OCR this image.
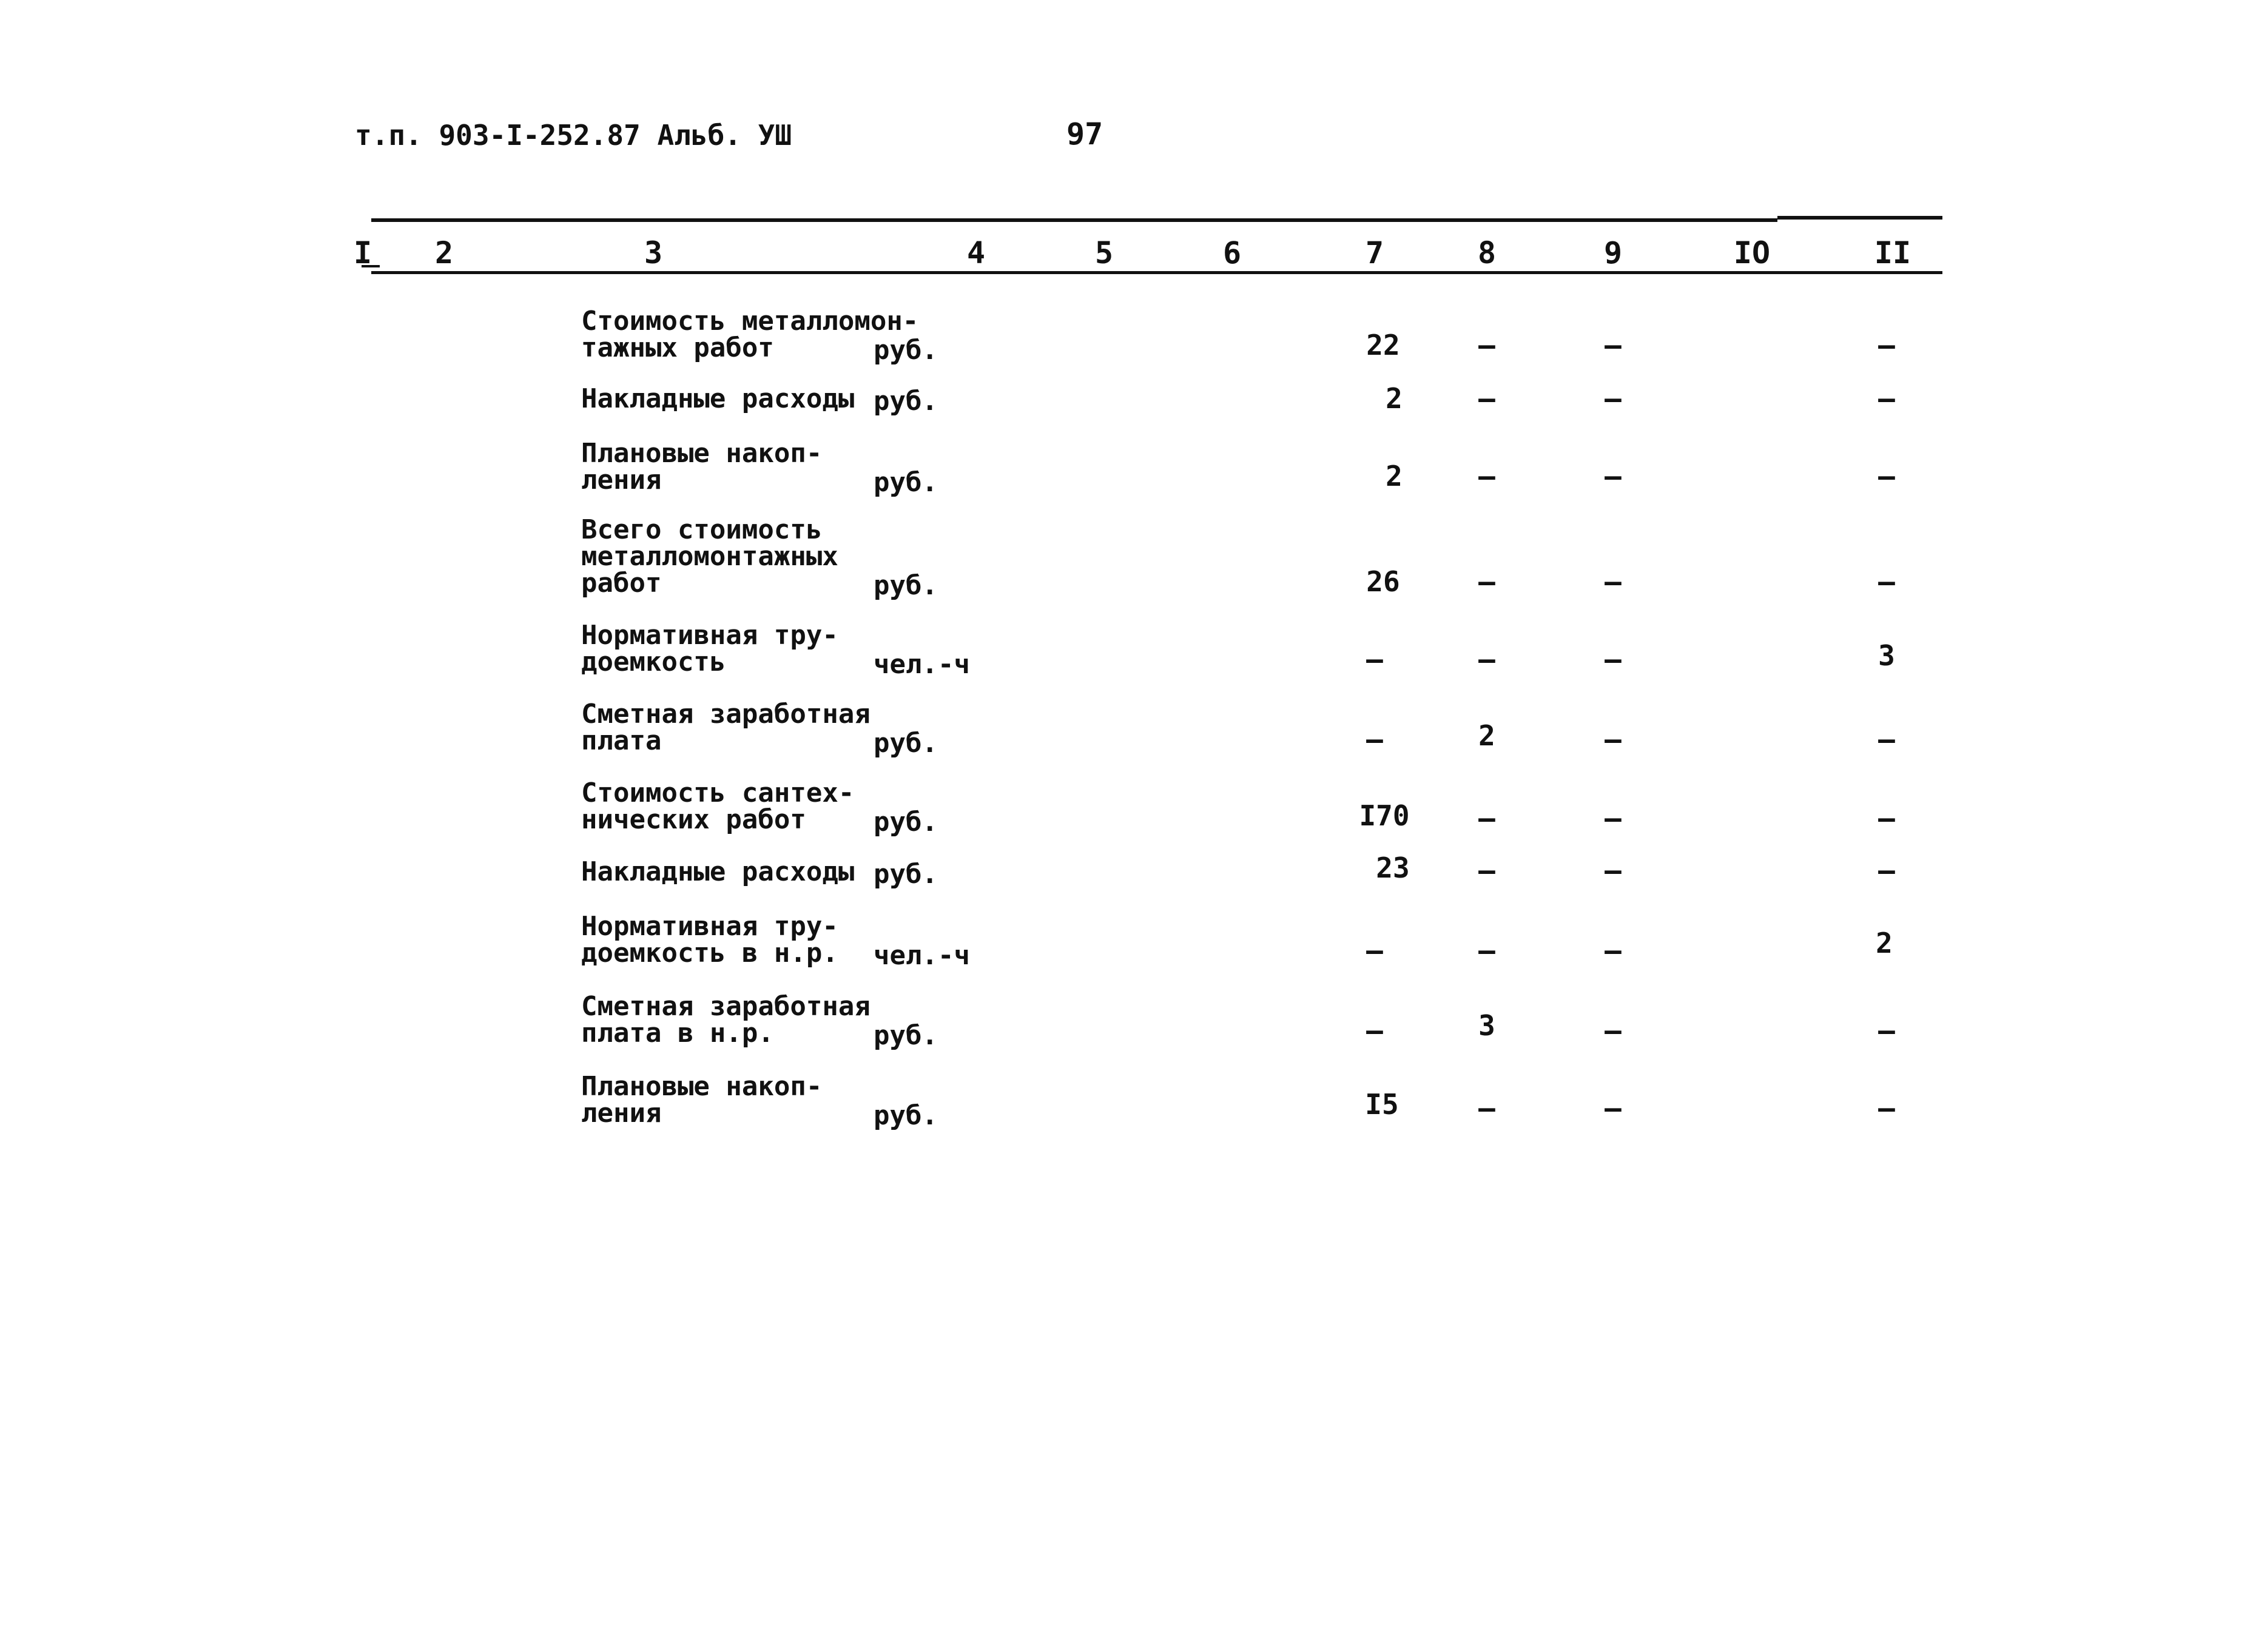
т.п. 903-I-252.87 Альб. УШ	97
I	2	3	4	5	6	7	8	9	IO	II
Стоимость металломон-
тажных работ	руб.	22	–	–	–
Накладные расходы руб.	2	–	–	–
Плановые накоп-
ления	руб.	2	–	–	–
Всего стоимость
металломонтажных
работ	руб.	26	–	–	–
Нормативная тру-
доемкость	чел.-ч	–	–	–	3
Сметная заработная
плата	руб.	–	2	–	–
Стоимость сантех-
нических работ	руб.	I70	–	–	–
Накладные расходы руб.	23	–	–	–
Нормативная тру-
доемкость в н.р. чел.-ч	–	–	–	2
Сметная заработная
плата в н.р.	руб.	–	3	–	–
Плановые накоп-
ления	руб.	I5	–	–	–
